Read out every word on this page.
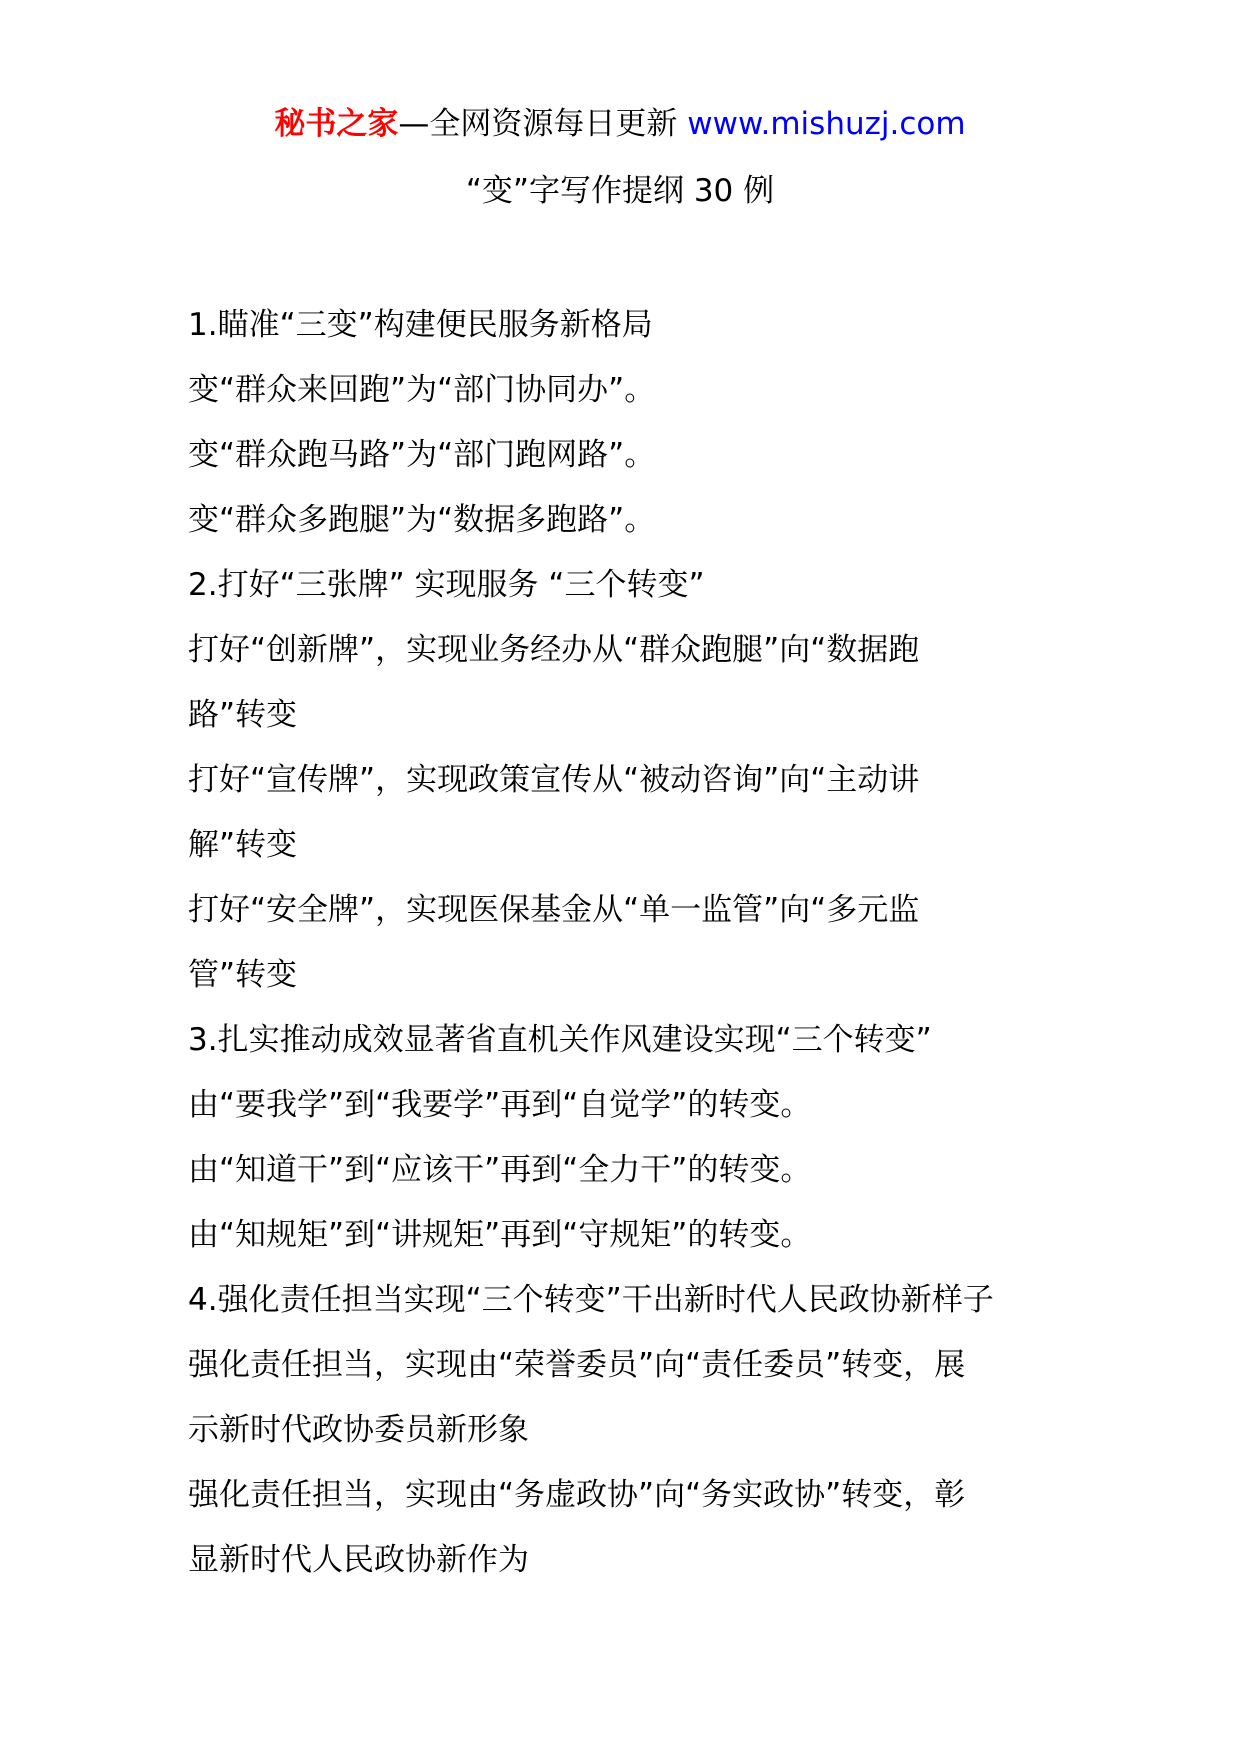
秘书之家—全网资源每日更新 www.mishuzj.com
“变”字写作提纲 30 例
1.瞄准“三变”构建便民服务新格局
变“群众来回跑”为“部门协同办”。
变“群众跑马路”为“部门跑网路”。
变“群众多跑腿”为“数据多跑路”。
2.打好“三张牌” 实现服务 “三个转变”
打好“创新牌”，实现业务经办从“群众跑腿”向“数据跑
路”转变
打好“宣传牌”，实现政策宣传从“被动咨询”向“主动讲
解”转变
打好“安全牌”，实现医保基金从“单一监管”向“多元监
管”转变
3.扎实推动成效显著省直机关作风建设实现“三个转变”
由“要我学”到“我要学”再到“自觉学”的转变。
由“知道干”到“应该干”再到“全力干”的转变。
由“知规矩”到“讲规矩”再到“守规矩”的转变。
4.强化责任担当实现“三个转变”干出新时代人民政协新样子
强化责任担当，实现由“荣誉委员”向“责任委员”转变，展
示新时代政协委员新形象
强化责任担当，实现由“务虚政协”向“务实政协”转变，彰
显新时代人民政协新作为
